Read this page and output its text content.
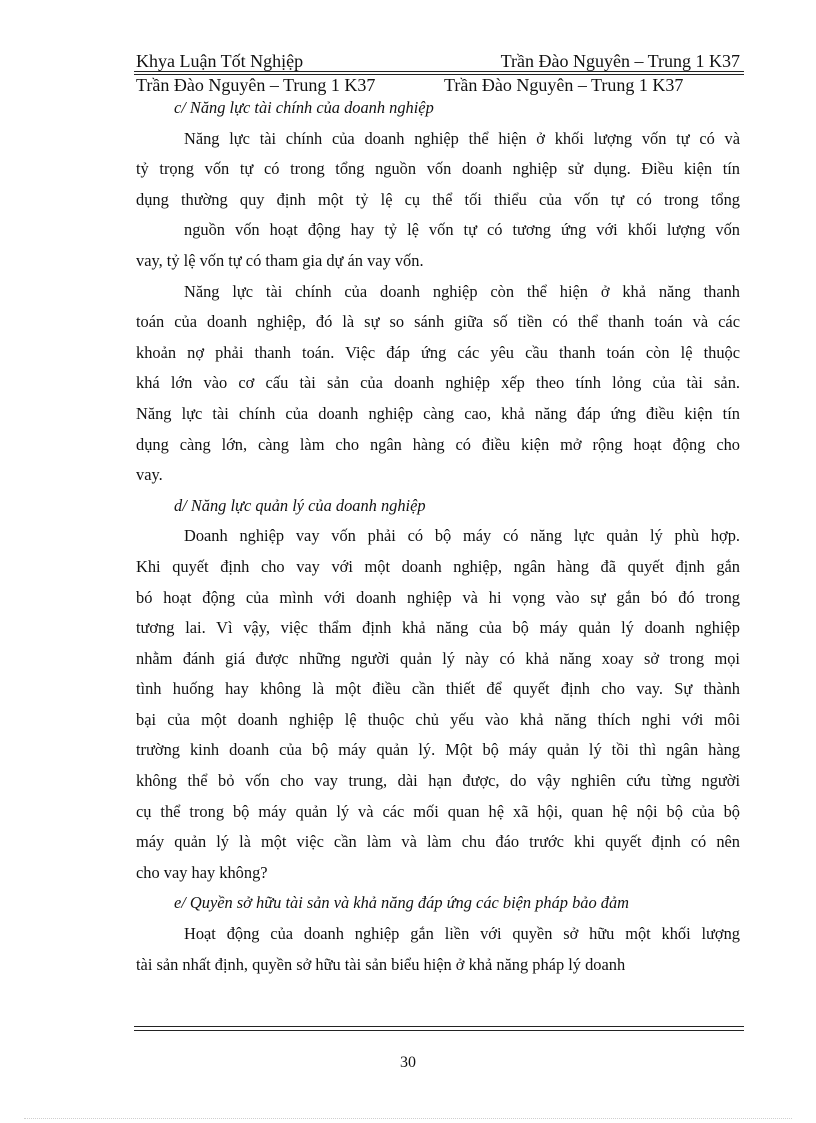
Khya Luận Tốt Nghịệp	Trần Đào Nguyên – Trung 1 K37
Trần Đào Nguyên – Trung 1 K37	Trần Đào Nguyên – Trung 1 K37

c/ Năng lực tài chính của doanh nghiệp

Năng lực tài chính của doanh nghiệp thể hiện ở khối lượng vốn tự có và
tỷ trọng vốn tự có trong tổng nguồn vốn doanh nghiệp sử dụng. Điều kiện tín
dụng thường quy định một tỷ lệ cụ thể tối thiểu của vốn tự có trong tổng
nguồn vốn hoạt động hay tỷ lệ vốn tự có tương ứng với khối lượng vốn
vay, tỷ lệ vốn tự có tham gia dự án vay vốn.

Năng lực tài chính của doanh nghiệp còn thể hiện ở khả năng thanh
toán của doanh nghiệp, đó là sự so sánh giữa số tiền có thể thanh toán và các
khoản nợ phải thanh toán. Việc đáp ứng các yêu cầu thanh toán còn lệ thuộc
khá lớn vào cơ cấu tài sản của doanh nghiệp xếp theo tính lỏng của tài sản.
Năng lực tài chính của doanh nghiệp càng cao, khả năng đáp ứng điều kiện tín
dụng càng lớn, càng làm cho ngân hàng có điều kiện mở rộng hoạt động cho
vay.

d/ Năng lực quản lý của doanh nghiệp

Doanh nghiệp vay vốn phải có bộ máy có năng lực quản lý phù hợp.
Khi quyết định cho vay với một doanh nghiệp, ngân hàng đã quyết định gắn
bó hoạt động của mình với doanh nghiệp và hi vọng vào sự gắn bó đó trong
tương lai. Vì vậy, việc thẩm định khả năng của bộ máy quản lý doanh nghiệp
nhằm đánh giá được những người quản lý này có khả năng xoay sở trong mọi
tình huống hay không là một điều cần thiết để quyết định cho vay. Sự thành
bại của một doanh nghiệp lệ thuộc chủ yếu vào khả năng thích nghi với môi
trường kinh doanh của bộ máy quản lý. Một bộ máy quản lý tồi thì ngân hàng
không thể bỏ vốn cho vay trung, dài hạn được, do vậy nghiên cứu từng người
cụ thể trong bộ máy quản lý và các mối quan hệ xã hội, quan hệ nội bộ của bộ
máy quản lý là một việc cần làm và làm chu đáo trước khi quyết định có nên
cho vay hay không?

e/ Quyền sở hữu tài sản và khả năng đáp ứng các biện pháp bảo đảm

Hoạt động của doanh nghiệp gắn liền với quyền sở hữu một khối lượng
tài sản nhất định, quyền sở hữu tài sản biểu hiện ở khả năng pháp lý doanh

30
